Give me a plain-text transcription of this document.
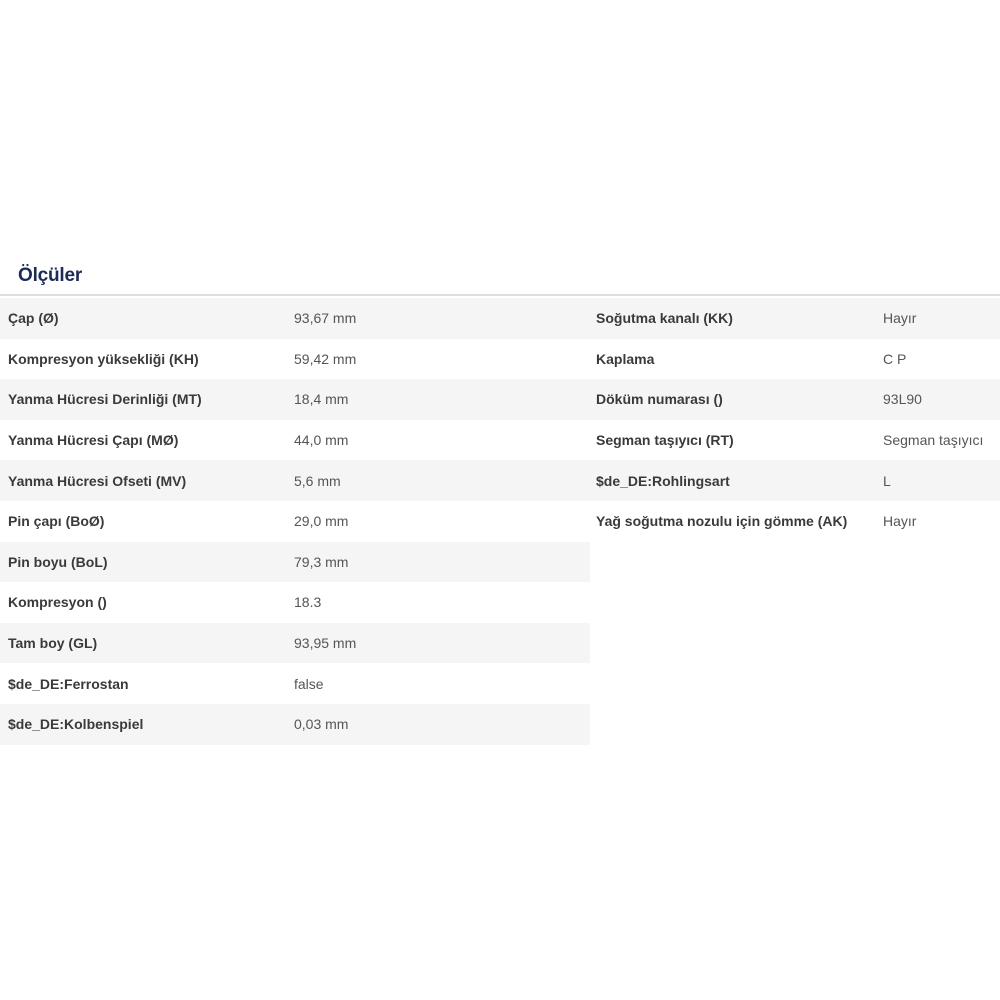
Ölçüler
Çap (Ø)	93,67 mm
Kompresyon yüksekliği (KH)	59,42 mm
Yanma Hücresi Derinliği (MT)	18,4 mm
Yanma Hücresi Çapı (MØ)	44,0 mm
Yanma Hücresi Ofseti (MV)	5,6 mm
Pin çapı (BoØ)	29,0 mm
Pin boyu (BoL)	79,3 mm
Kompresyon ()	18.3
Tam boy (GL)	93,95 mm
$de_DE:Ferrostan	false
$de_DE:Kolbenspiel	0,03 mm
Soğutma kanalı (KK)	Hayır
Kaplama	C P
Döküm numarası ()	93L90
Segman taşıyıcı (RT)	Segman taşıyıcı
$de_DE:Rohlingsart	L
Yağ soğutma nozulu için gömme (AK)	Hayır
